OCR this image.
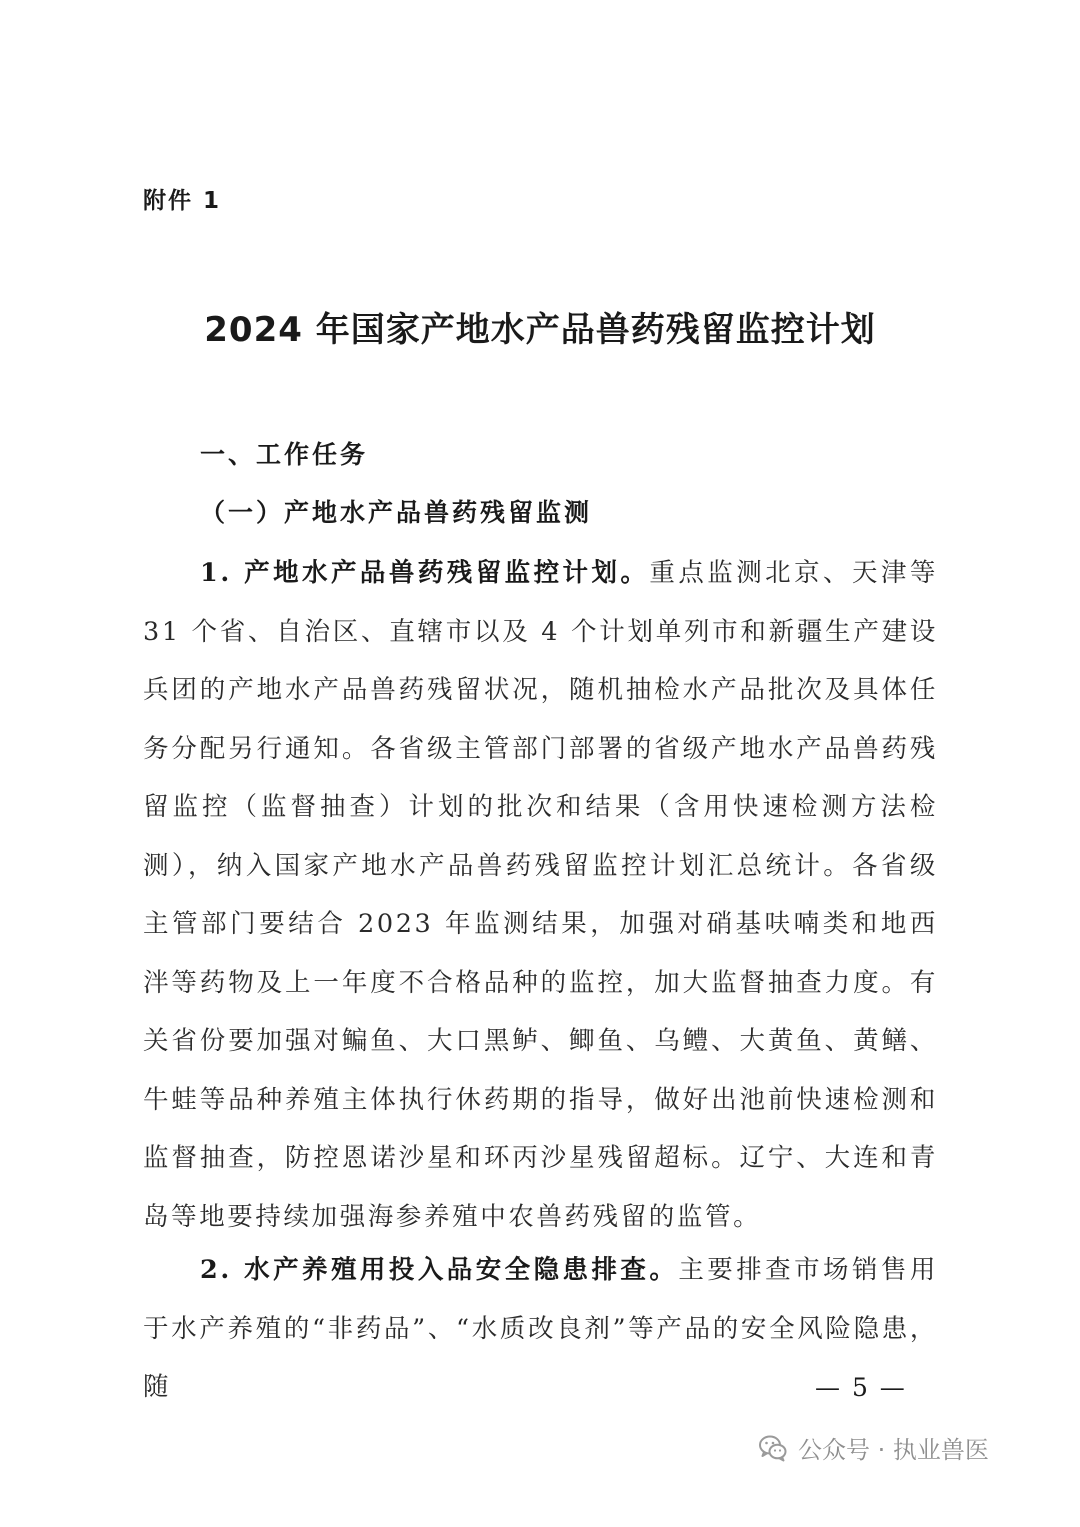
附件 1
2024 年国家产地水产品兽药残留监控计划
一、工作任务
（一）产地水产品兽药残留监测

1. 产地水产品兽药残留监控计划。重点监测北京、天津等 31 个省、自治区、直辖市以及 4 个计划单列市和新疆生产建设兵团的产地水产品兽药残留状况，随机抽检水产品批次及具体任务分配另行通知。各省级主管部门部署的省级产地水产品兽药残留监控（监督抽查）计划的批次和结果（含用快速检测方法检测），纳入国家产地水产品兽药残留监控计划汇总统计。各省级主管部门要结合 2023 年监测结果，加强对硝基呋喃类和地西泮等药物及上一年度不合格品种的监控，加大监督抽查力度。有关省份要加强对鳊鱼、大口黑鲈、鲫鱼、乌鳢、大黄鱼、黄鳝、牛蛙等品种养殖主体执行休药期的指导，做好出池前快速检测和监督抽查，防控恩诺沙星和环丙沙星残留超标。辽宁、大连和青岛等地要持续加强海参养殖中农兽药残留的监管。

2. 水产养殖用投入品安全隐患排查。主要排查市场销售用于水产养殖的“非药品”、“水质改良剂”等产品的安全风险隐患，随	— 5 —
公众号 · 执业兽医
